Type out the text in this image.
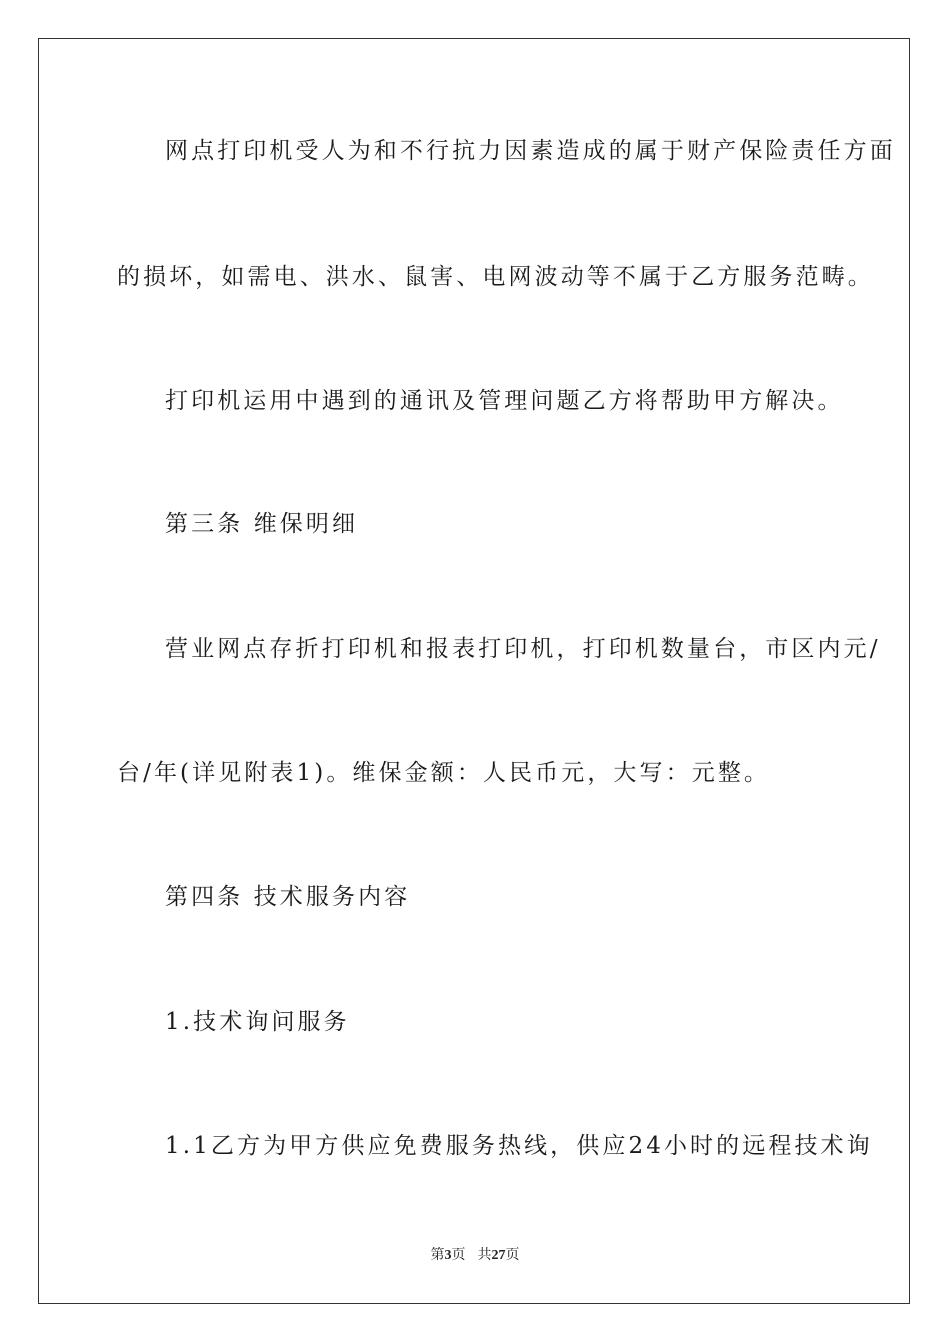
网点打印机受人为和不行抗力因素造成的属于财产保险责任方面
的损坏，如需电、洪水、鼠害、电网波动等不属于乙方服务范畴。
打印机运用中遇到的通讯及管理问题乙方将帮助甲方解决。
第三条 维保明细
营业网点存折打印机和报表打印机，打印机数量台，市区内元/
台/年(详见附表1)。维保金额：人民币元，大写：元整。
第四条 技术服务内容
1.技术询问服务
1.1乙方为甲方供应免费服务热线，供应24小时的远程技术询
第3页 共27页
